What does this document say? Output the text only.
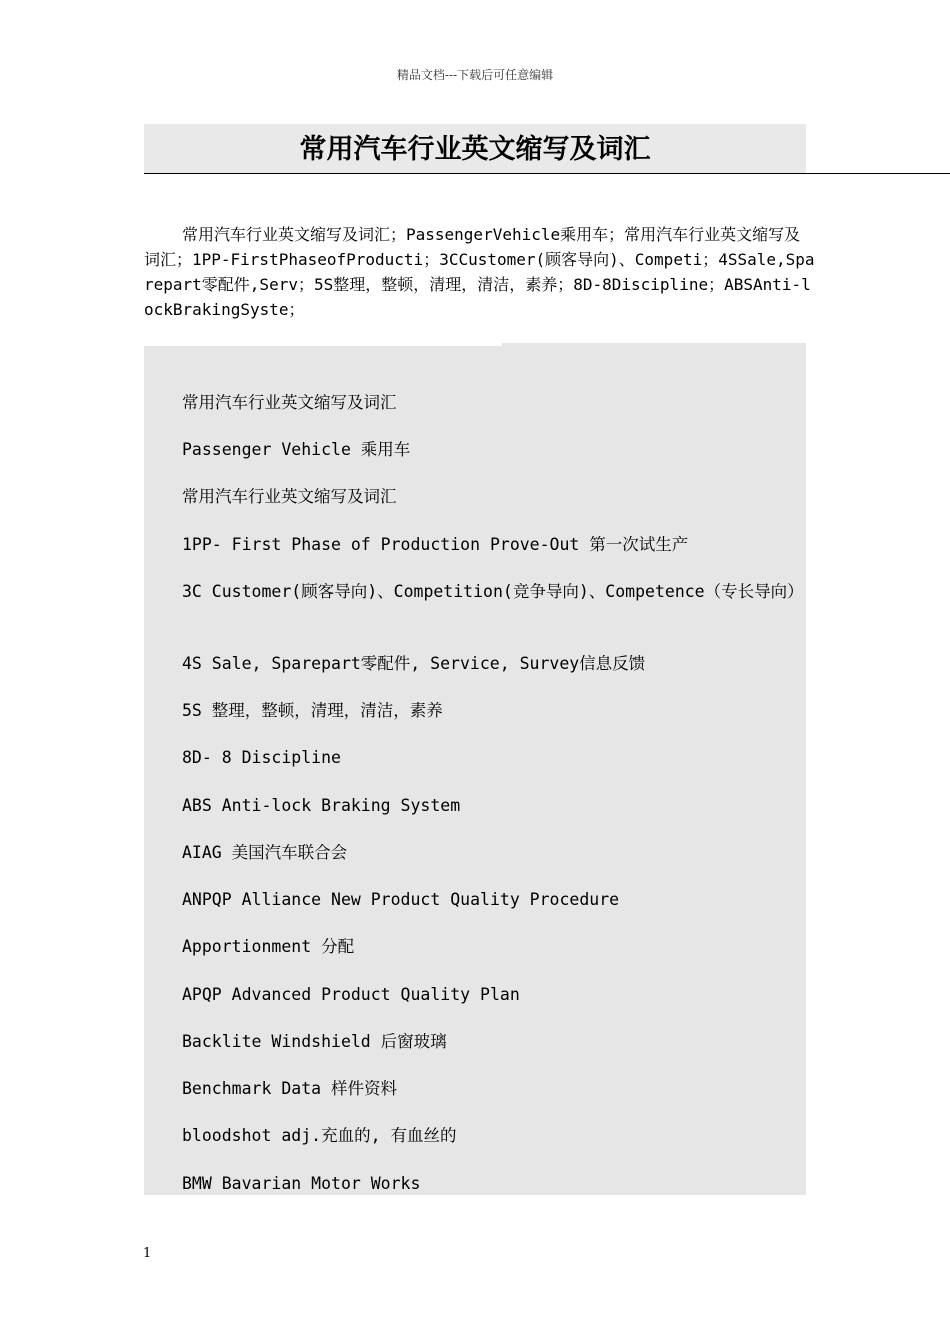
精品文档---下载后可任意编辑
常用汽车行业英文缩写及词汇
常用汽车行业英文缩写及词汇；PassengerVehicle乘用车；常用汽车行业英文缩写及词汇；1PP-FirstPhaseofProducti；3CCustomer(顾客导向)、Competi；4SSale,Sparepart零配件,Serv；5S整理，整顿，清理，清洁，素养；8D-8Discipline；ABSAnti-lockBrakingSyste；
常用汽车行业英文缩写及词汇
Passenger Vehicle 乘用车
常用汽车行业英文缩写及词汇
1PP- First Phase of Production Prove-Out 第一次试生产
3C Customer(顾客导向)、Competition(竞争导向)、Competence（专长导向）
4S Sale, Sparepart零配件, Service, Survey信息反馈
5S 整理，整顿，清理，清洁，素养
8D- 8 Discipline
ABS Anti-lock Braking System
AIAG 美国汽车联合会
ANPQP Alliance New Product Quality Procedure
Apportionment 分配
APQP Advanced Product Quality Plan
Backlite Windshield 后窗玻璃
Benchmark Data 样件资料
bloodshot adj.充血的, 有血丝的
BMW Bavarian Motor Works
1
